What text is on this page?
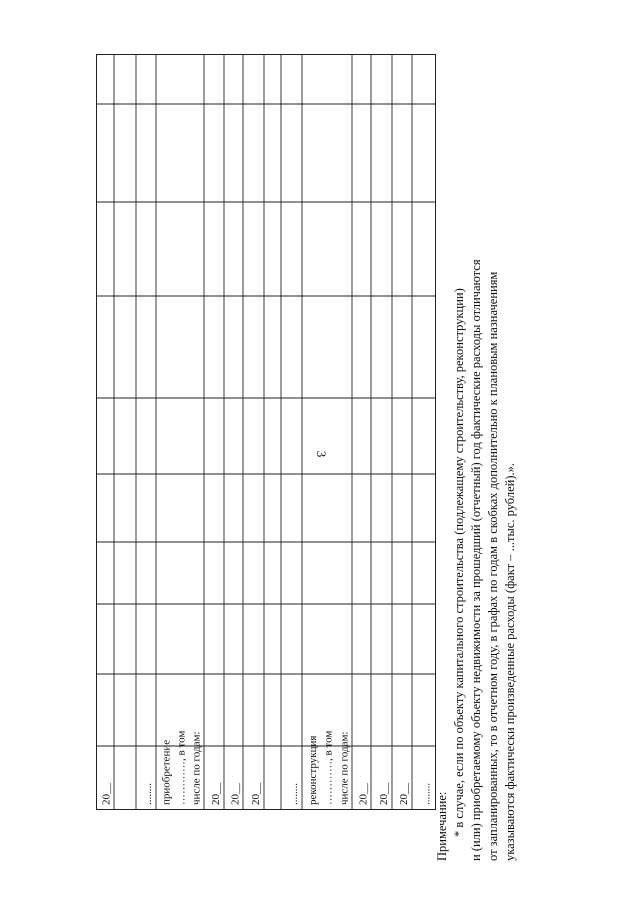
3
20__	........ приобретение …………, в том числе по годам: 20__ 20__ 20__ ........ реконструкция …………, в том числе по годам: 20__ 20__ 20__ ........ Примечание: * в случае, если по объекту капитального строительства (подлежащему строительству, реконструкции) и (или) приобретаемому объекту недвижимости за прошедший (отчетный) год фактические расходы отличаются от запланированных, то в отчетном году, в графах по годам в скобках дополнительно к плановым назначениям указываются фактически произведенные расходы (факт – ...тыс. рублей).».
